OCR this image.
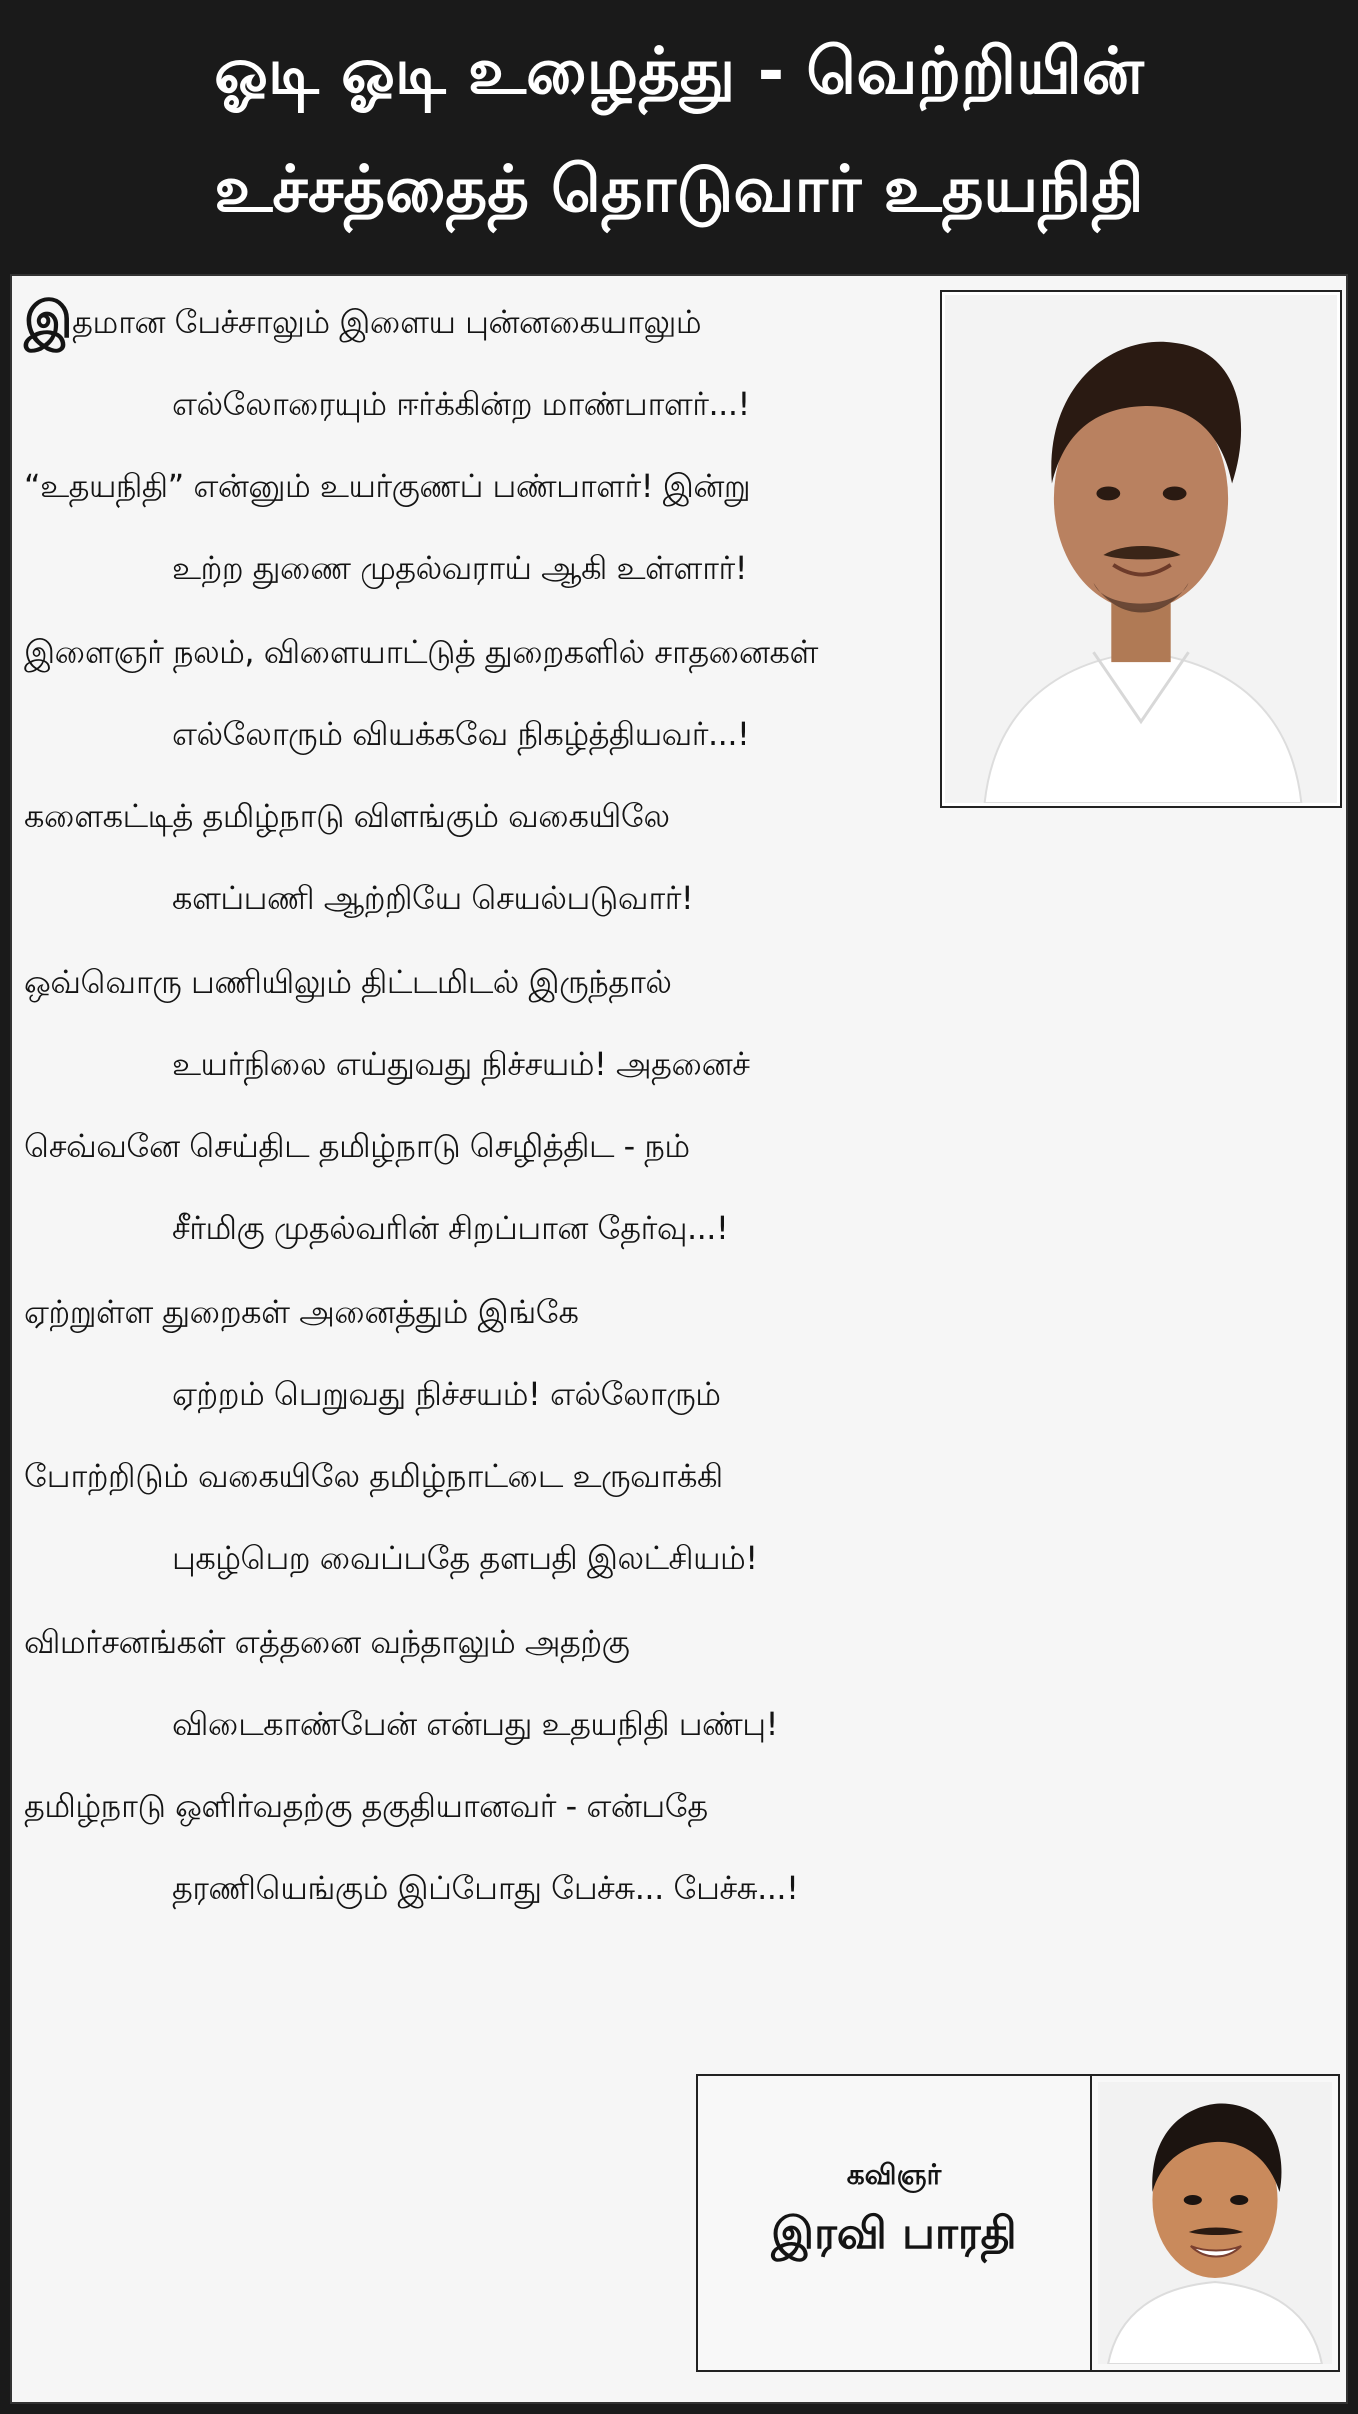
ஓடி ஓடி உழைத்து - வெற்றியின்
உச்சத்தைத் தொடுவார் உதயநிதி
இதமான பேச்சாலும் இளைய புன்னகையாலும்
எல்லோரையும் ஈர்க்கின்ற மாண்பாளர்...!
“உதயநிதி” என்னும் உயர்குணப் பண்பாளர்! இன்று
உற்ற துணை முதல்வராய் ஆகி உள்ளார்!
இளைஞர் நலம், விளையாட்டுத் துறைகளில் சாதனைகள்
எல்லோரும் வியக்கவே நிகழ்த்தியவர்...!
களைகட்டித் தமிழ்நாடு விளங்கும் வகையிலே
களப்பணி ஆற்றியே செயல்படுவார்!
ஒவ்வொரு பணியிலும் திட்டமிடல் இருந்தால்
உயர்நிலை எய்துவது நிச்சயம்! அதனைச்
செவ்வனே செய்திட தமிழ்நாடு செழித்திட - நம்
சீர்மிகு முதல்வரின் சிறப்பான தேர்வு...!
ஏற்றுள்ள துறைகள் அனைத்தும் இங்கே
ஏற்றம் பெறுவது நிச்சயம்! எல்லோரும்
போற்றிடும் வகையிலே தமிழ்நாட்டை உருவாக்கி
புகழ்பெற வைப்பதே தளபதி இலட்சியம்!
விமர்சனங்கள் எத்தனை வந்தாலும் அதற்கு
விடைகாண்பேன் என்பது உதயநிதி பண்பு!
தமிழ்நாடு ஒளிர்வதற்கு தகுதியானவர் - என்பதே
தரணியெங்கும் இப்போது பேச்சு... பேச்சு...!
கவிஞர்
இரவி பாரதி
